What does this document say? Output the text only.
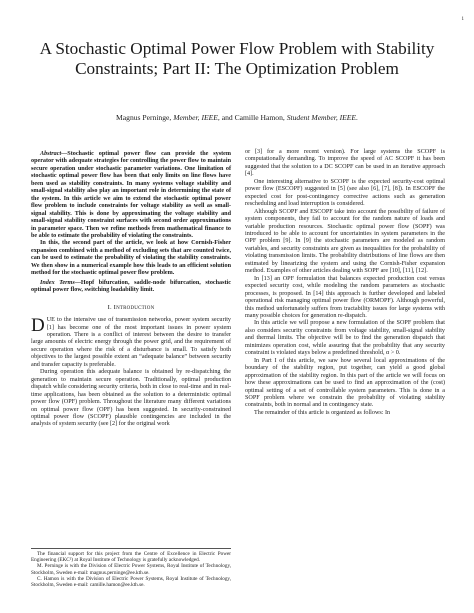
1
A Stochastic Optimal Power Flow Problem with Stability Constraints; Part II: The Optimization Problem
Magnus Perninge, Member, IEEE, and Camille Hamon, Student Member, IEEE.

Abstract—Stochastic optimal power flow can provide the system operator with adequate strategies for controlling the power flow to maintain secure operation under stochastic parameter variations. One limitation of stochastic optimal power flow has been that only limits on line flows have been used as stability constraints. In many systems voltage stability and small-signal stability also play an important role in determining the state of the system. In this article we aim to extend the stochastic optimal power flow problem to include constraints for voltage stability as well as small-signal stability. This is done by approximating the voltage stability and small-signal stability constraint surfaces with second order approximations in parameter space. Then we refine methods from mathematical finance to be able to estimate the probability of violating the constraints.

In this, the second part of the article, we look at how Cornish-Fisher expansion combined with a method of excluding sets that are counted twice, can be used to estimate the probability of violating the stability constraints. We then show in a numerical example how this leads to an efficient solution method for the stochastic optimal power flow problem.

Index Terms—Hopf bifurcation, saddle-node bifurcation, stochastic optimal power flow, switching loadability limit.

I. Introduction

DUE to the intensive use of transmission networks, power system security [1] has become one of the most important issues in power system operation. There is a conflict of interest between the desire to transfer large amounts of electric energy through the power grid, and the requirement of secure operation where the risk of a disturbance is small. To satisfy both objectives to the largest possible extent an “adequate balance” between security and transfer capacity is preferable.

During operation this adequate balance is obtained by re-dispatching the generation to maintain secure operation. Traditionally, optimal production dispatch while considering security criteria, both in close to real-time and in real-time applications, has been obtained as the solution to a deterministic optimal power flow (OPF) problem. Throughout the literature many different variations on optimal power flow (OPF) has been suggested. In security-constrained optimal power flow (SCOPF) plausible contingencies are included in the analysis of system security (see [2] for the original work

The financial support for this project from the Centre of Excellence in Electric Power Engineering (EKC²) at Royal Institute of Technology is gratefully acknowledged.

M. Perninge is with the Division of Electric Power Systems, Royal Institute of Technology, Stockholm, Sweden e-mail: magnus.perninge@ee.kth.se.

C. Hamon is with the Division of Electric Power Systems, Royal Institute of Technology, Stockholm, Sweden e-mail: camille.hamon@ee.kth.se.

or [3] for a more recent version). For large systems the SCOPF is computationally demanding. To improve the speed of AC SCOPF it has been suggested that the solution to a DC SCOPF can be used in an iterative approach [4].

One interesting alternative to SCOPF is the expected security-cost optimal power flow (ESCOPF) suggested in [5] (see also [6], [7], [8]). In ESCOPF the expected cost for post-contingency corrective actions such as generation rescheduling and load interruption is considered.

Although SCOPF and ESCOPF take into account the possibility of failure of system components, they fail to account for the random nature of loads and variable production resources. Stochastic optimal power flow (SOPF) was introduced to be able to account for uncertainties in system parameters in the OPF problem [9]. In [9] the stochastic parameters are modeled as random variables, and security constraints are given as inequalities for the probability of violating transmission limits. The probability distributions of line flows are then estimated by linearizing the system and using the Cornish-Fisher expansion method. Examples of other articles dealing with SOPF are [10], [11], [12].

In [13] an OPF formulation that balances expected production cost versus expected security cost, while modeling the random parameters as stochastic processes, is proposed. In [14] this approach is further developed and labeled operational risk managing optimal power flow (ORMOPF). Although powerful, this method unfortunately suffers from tractability issues for large systems with many possible choices for generation re-dispatch.

In this article we will propose a new formulation of the SOPF problem that also considers security constraints from voltage stability, small-signal stability and thermal limits. The objective will be to find the generation dispatch that minimizes operation cost, while assuring that the probability that any security constraint is violated stays below a predefined threshold, α > 0.

In Part I of this article, we saw how several local approximations of the boundary of the stability region, put together, can yield a good global approximation of the stability region. In this part of the article we will focus on how these approximations can be used to find an approximation of the (cost) optimal setting of a set of controllable system parameters. This is done in a SOPF problem where we constrain the probability of violating stability constraints, both in normal and in contingency state.

The remainder of this article is organized as follows: In
